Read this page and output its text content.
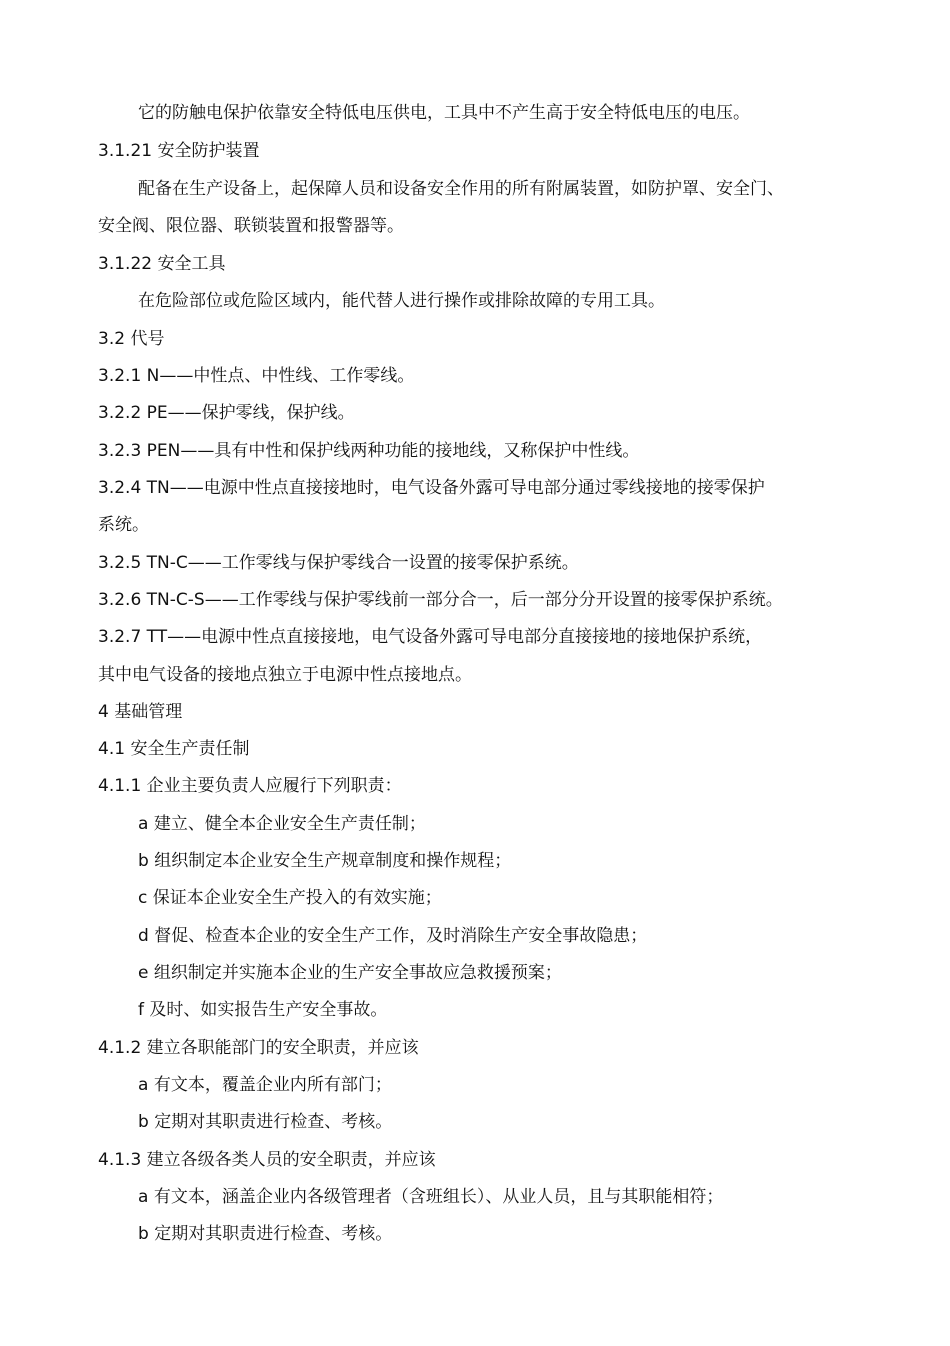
它的防触电保护依靠安全特低电压供电，工具中不产生高于安全特低电压的电压。
3.1.21 安全防护装置
配备在生产设备上，起保障人员和设备安全作用的所有附属装置，如防护罩、安全门、
安全阀、限位器、联锁装置和报警器等。
3.1.22 安全工具
在危险部位或危险区域内，能代替人进行操作或排除故障的专用工具。
3.2 代号
3.2.1 N——中性点、中性线、工作零线。
3.2.2 PE——保护零线，保护线。
3.2.3 PEN——具有中性和保护线两种功能的接地线，又称保护中性线。
3.2.4 TN——电源中性点直接接地时，电气设备外露可导电部分通过零线接地的接零保护
系统。
3.2.5 TN-C——工作零线与保护零线合一设置的接零保护系统。
3.2.6 TN-C-S——工作零线与保护零线前一部分合一，后一部分分开设置的接零保护系统。
3.2.7 TT——电源中性点直接接地，电气设备外露可导电部分直接接地的接地保护系统，
其中电气设备的接地点独立于电源中性点接地点。
4 基础管理
4.1 安全生产责任制
4.1.1 企业主要负责人应履行下列职责：
a 建立、健全本企业安全生产责任制；
b 组织制定本企业安全生产规章制度和操作规程；
c 保证本企业安全生产投入的有效实施；
d 督促、检查本企业的安全生产工作，及时消除生产安全事故隐患；
e 组织制定并实施本企业的生产安全事故应急救援预案；
f 及时、如实报告生产安全事故。
4.1.2 建立各职能部门的安全职责，并应该
a 有文本，覆盖企业内所有部门；
b 定期对其职责进行检查、考核。
4.1.3 建立各级各类人员的安全职责，并应该
a 有文本，涵盖企业内各级管理者（含班组长）、从业人员，且与其职能相符；
b 定期对其职责进行检查、考核。
